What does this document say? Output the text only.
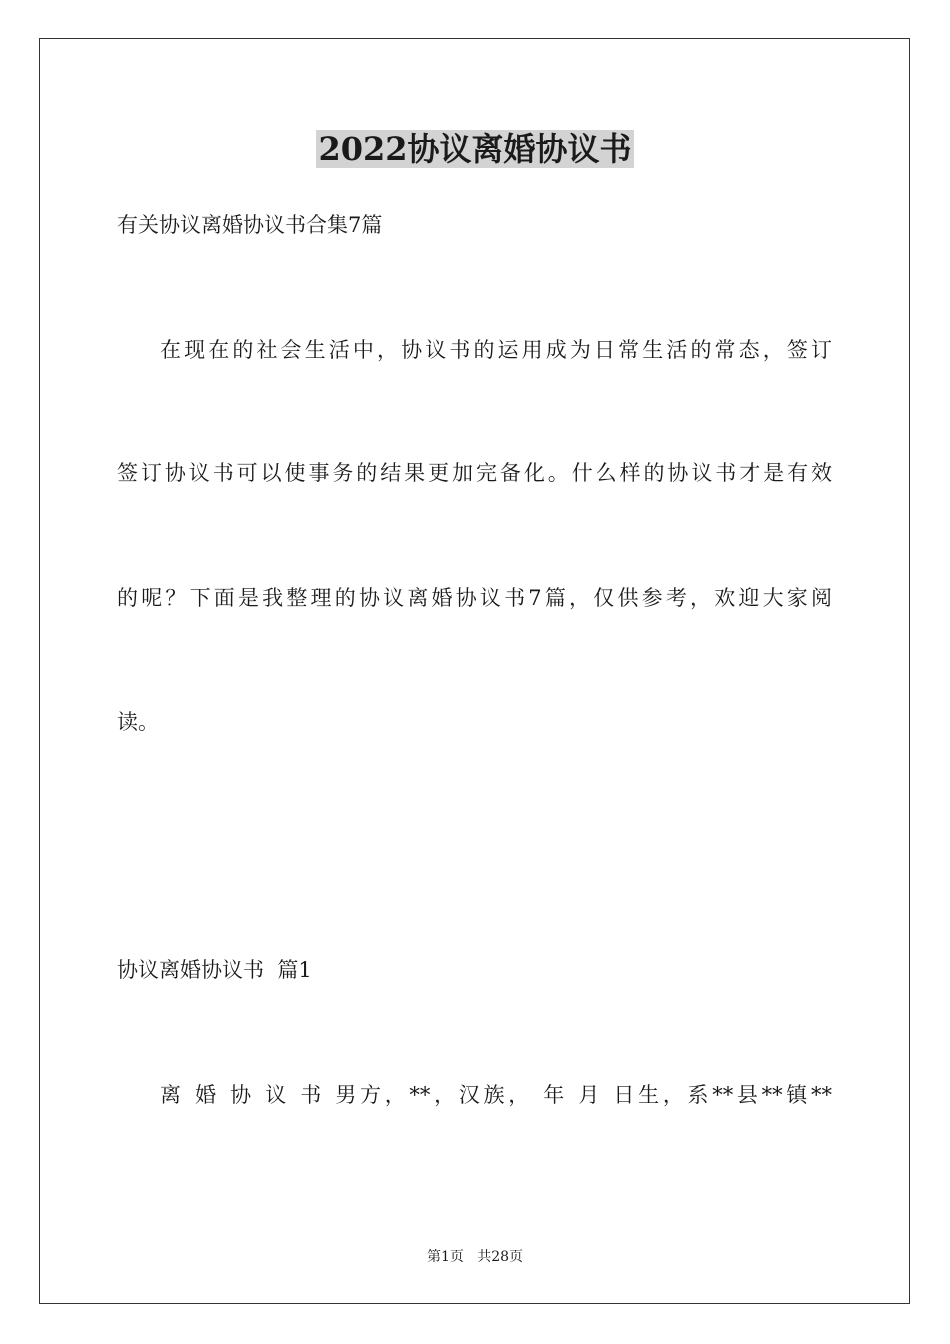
2022协议离婚协议书
有关协议离婚协议书合集7篇
在现在的社会生活中，协议书的运用成为日常生活的常态，签订
签订协议书可以使事务的结果更加完备化。什么样的协议书才是有效
的呢？下面是我整理的协议离婚协议书7篇，仅供参考，欢迎大家阅
读。
协议离婚协议书  篇1
离 婚 协 议 书 男方，**，汉族， 年 月 日生，系**县**镇**
第1页   共28页
